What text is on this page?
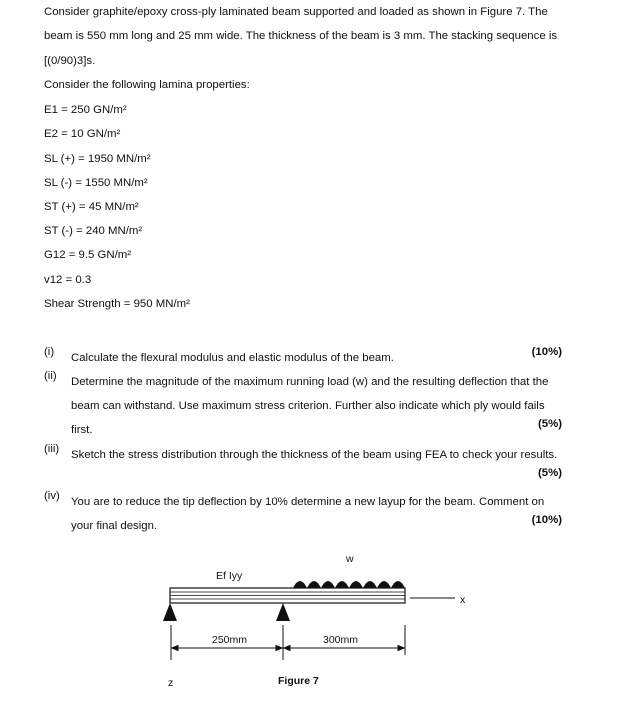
Consider graphite/epoxy cross-ply laminated beam supported and loaded as shown in Figure 7. The
beam is 550 mm long and 25 mm wide. The thickness of the beam is 3 mm. The stacking sequence is
[(0/90)3]s.
Consider the following lamina properties:
E1 = 250 GN/m²
E2 = 10 GN/m²
SL (+) = 1950 MN/m²
SL (-) = 1550 MN/m²
ST (+) = 45 MN/m²
ST (-) = 240 MN/m²
G12 = 9.5 GN/m²
v12 = 0.3
Shear Strength = 950 MN/m²
(i) Calculate the flexural modulus and elastic modulus of the beam.	(10%)
(ii) Determine the magnitude of the maximum running load (w) and the resulting deflection that the
beam can withstand. Use maximum stress criterion. Further also indicate which ply would fails
first.	(5%)
(iii) Sketch the stress distribution through the thickness of the beam using FEA to check your results.
(5%)
(iv) You are to reduce the tip deflection by 10% determine a new layup for the beam. Comment on
your final design.	(10%)
w
Ef Iyy
x
250mm	300mm
z	Figure 7
